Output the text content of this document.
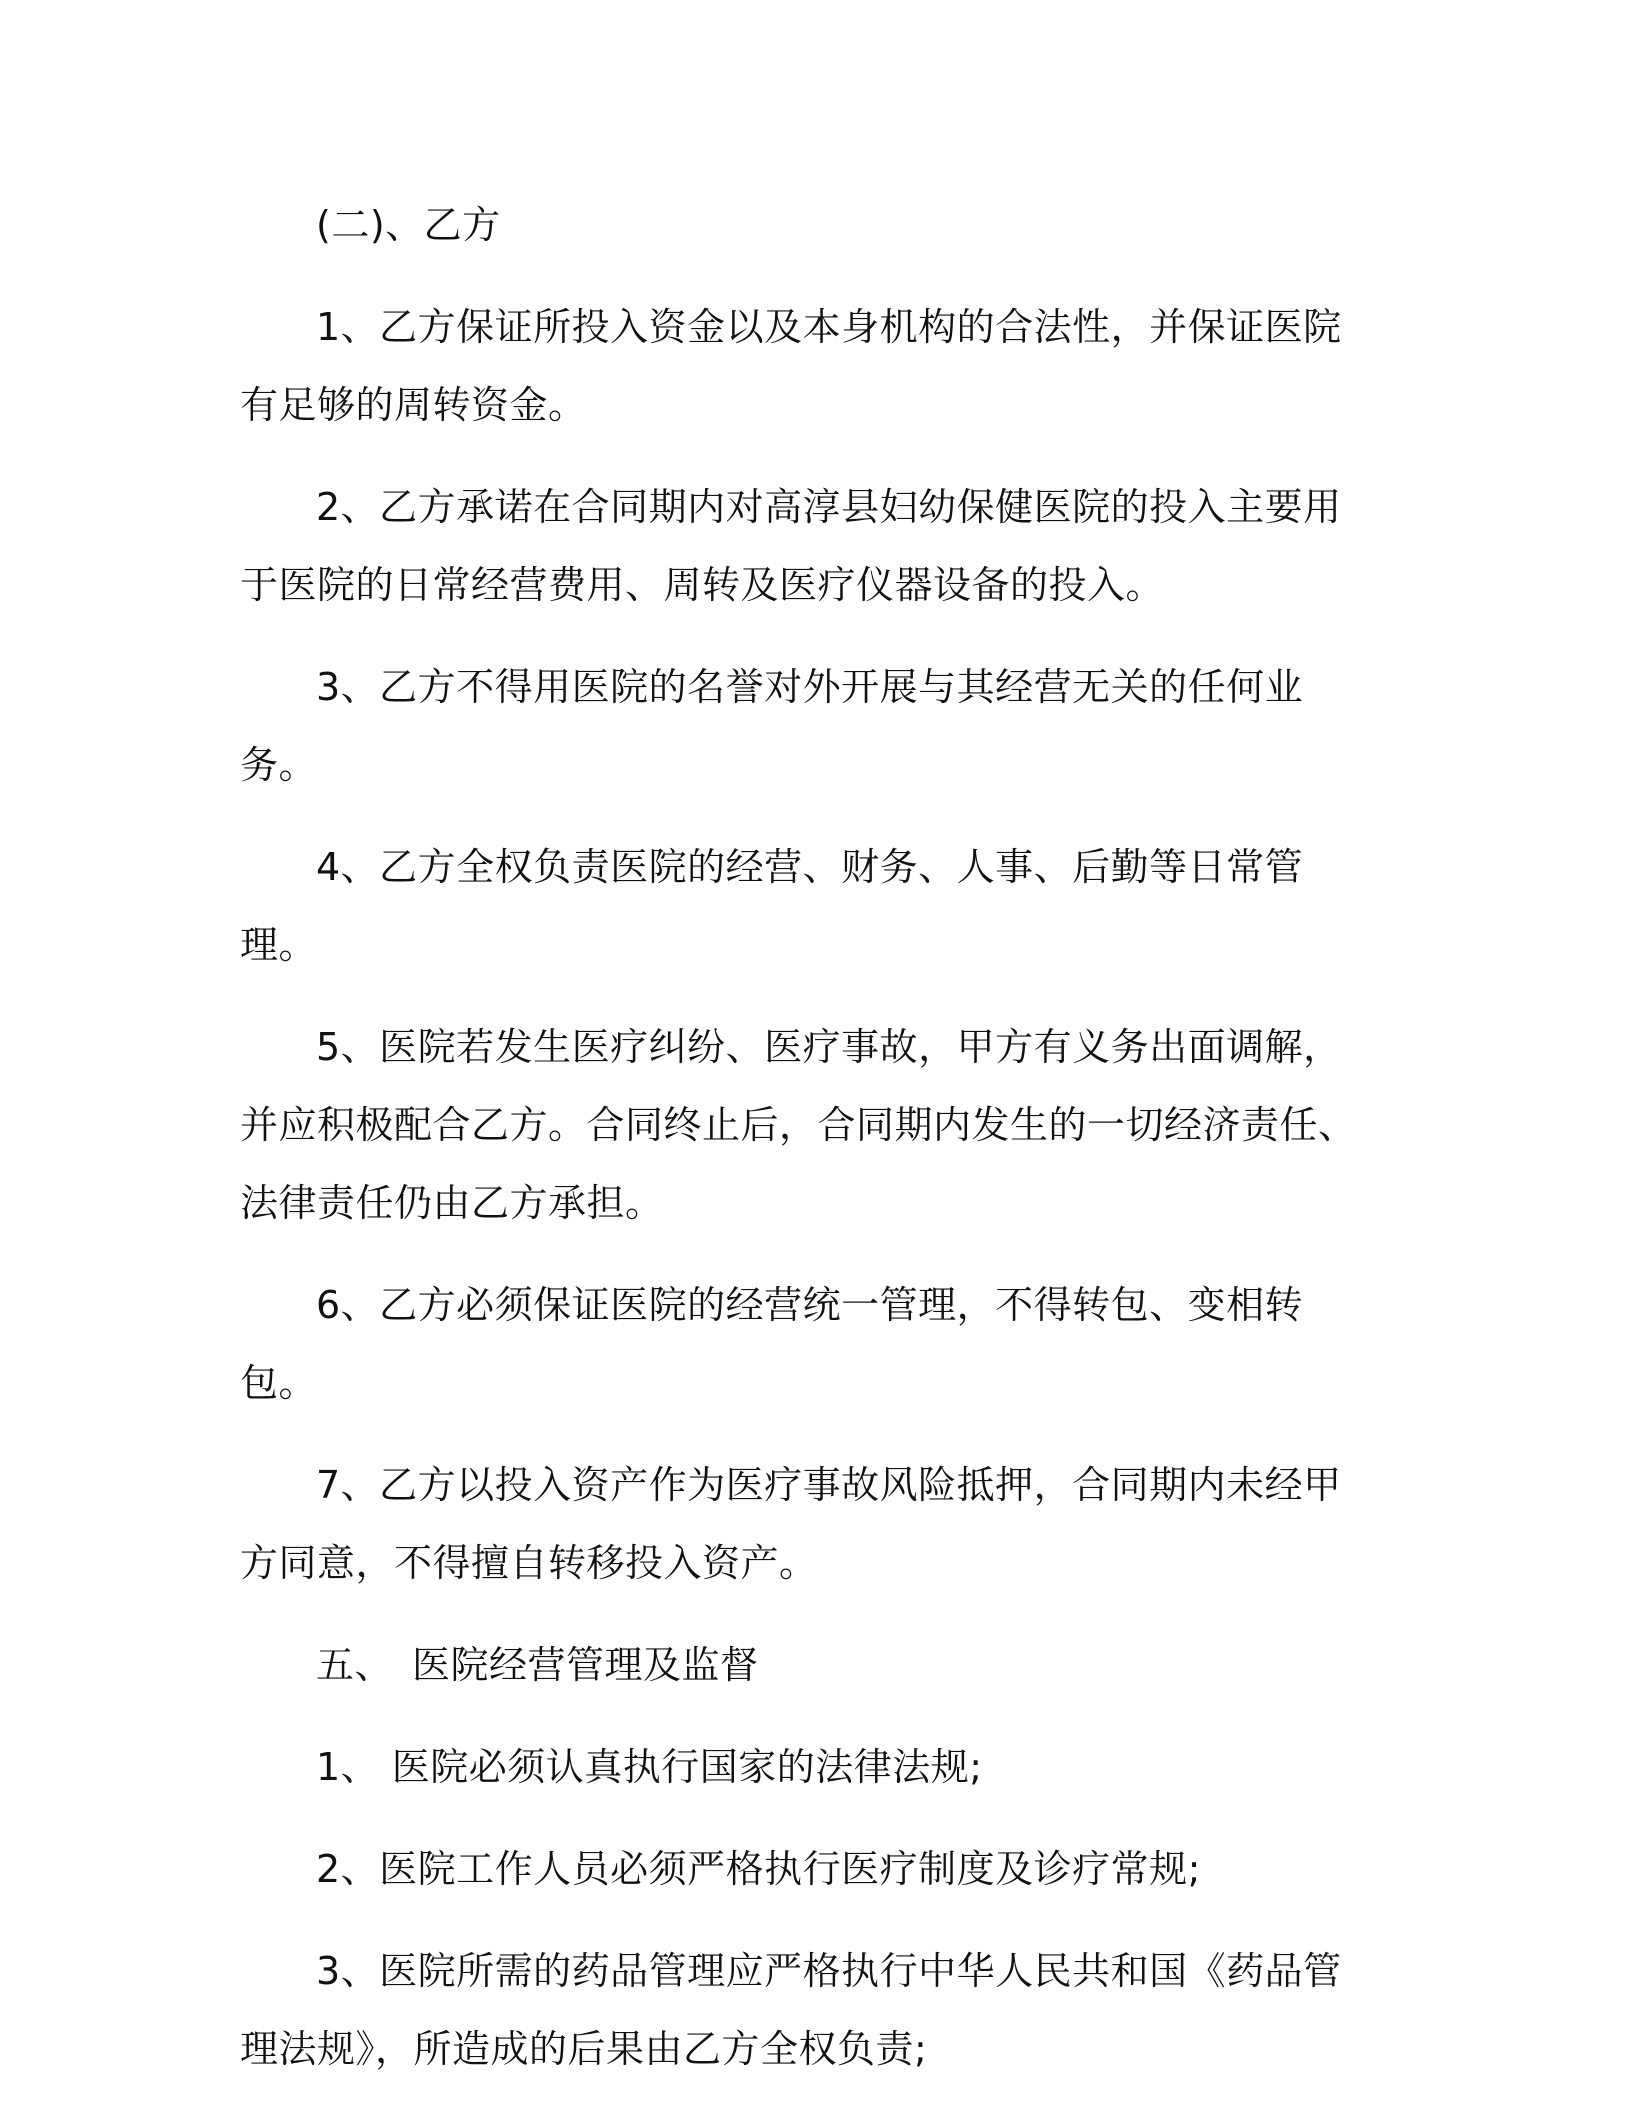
(二)、乙方

1、乙方保证所投入资金以及本身机构的合法性，并保证医院有足够的周转资金。

2、乙方承诺在合同期内对高淳县妇幼保健医院的投入主要用于医院的日常经营费用、周转及医疗仪器设备的投入。

3、乙方不得用医院的名誉对外开展与其经营无关的任何业务。

4、乙方全权负责医院的经营、财务、人事、后勤等日常管理。

5、医院若发生医疗纠纷、医疗事故，甲方有义务出面调解，并应积极配合乙方。合同终止后，合同期内发生的一切经济责任、法律责任仍由乙方承担。

6、乙方必须保证医院的经营统一管理，不得转包、变相转包。

7、乙方以投入资产作为医疗事故风险抵押，合同期内未经甲方同意，不得擅自转移投入资产。

五、 医院经营管理及监督

1、 医院必须认真执行国家的法律法规;

2、医院工作人员必须严格执行医疗制度及诊疗常规;

3、医院所需的药品管理应严格执行中华人民共和国《药品管理法规》，所造成的后果由乙方全权负责;
